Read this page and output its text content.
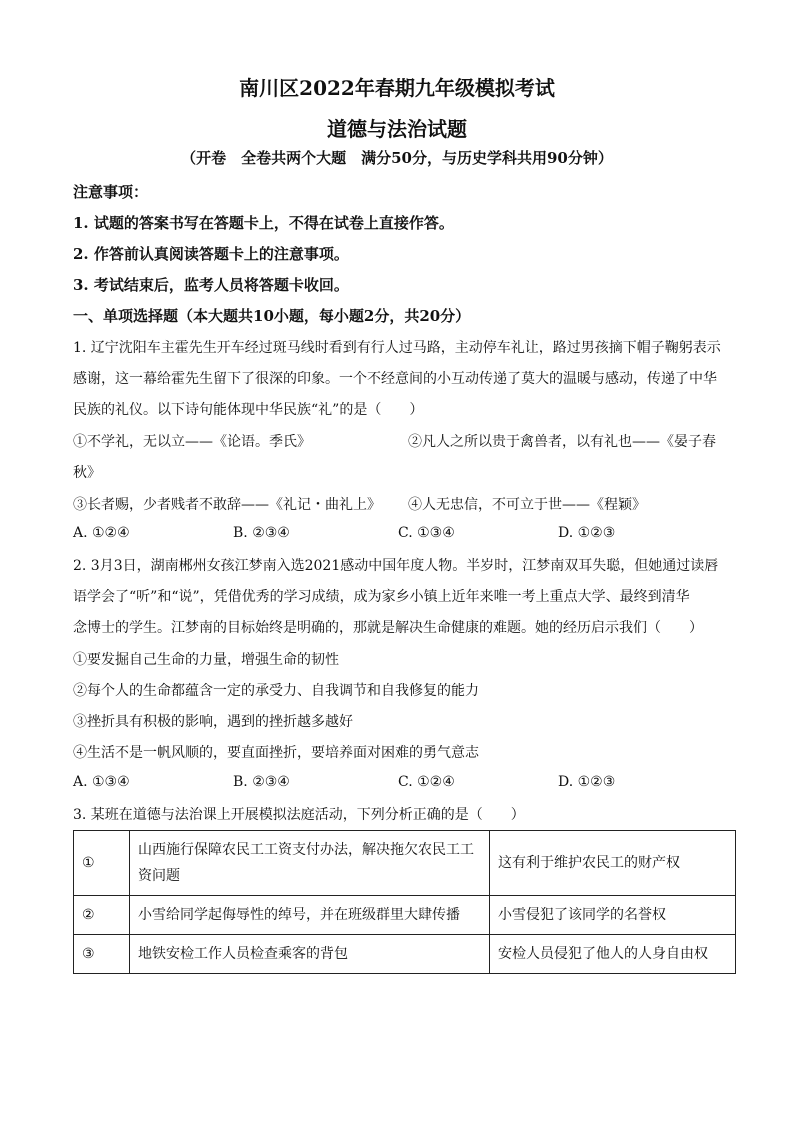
南川区2022年春期九年级模拟考试
道德与法治试题
（开卷　全卷共两个大题　满分50分，与历史学科共用90分钟）
注意事项：
1. 试题的答案书写在答题卡上，不得在试卷上直接作答。
2. 作答前认真阅读答题卡上的注意事项。
3. 考试结束后，监考人员将答题卡收回。
一、单项选择题（本大题共10小题，每小题2分，共20分）
1. 辽宁沈阳车主霍先生开车经过斑马线时看到有行人过马路，主动停车礼让，路过男孩摘下帽子鞠躬表示
感谢，这一幕给霍先生留下了很深的印象。一个不经意间的小互动传递了莫大的温暖与感动，传递了中华
民族的礼仪。以下诗句能体现中华民族“礼”的是（　　）
①不学礼，无以立——《论语。季氏》	②凡人之所以贵于禽兽者，以有礼也——《晏子春
秋》
③长者赐，少者贱者不敢辞——《礼记・曲礼上》 ④人无忠信，不可立于世——《程颖》
A. ①②④	B. ②③④	C. ①③④	D. ①②③
2. 3月3日，湖南郴州女孩江梦南入选2021感动中国年度人物。半岁时，江梦南双耳失聪，但她通过读唇
语学会了“听”和“说”，凭借优秀的学习成绩，成为家乡小镇上近年来唯一考上重点大学、最终到清华
念博士的学生。江梦南的目标始终是明确的，那就是解决生命健康的难题。她的经历启示我们（　　）
①要发掘自己生命的力量，增强生命的韧性
②每个人的生命都蕴含一定的承受力、自我调节和自我修复的能力
③挫折具有积极的影响，遇到的挫折越多越好
④生活不是一帆风顺的，要直面挫折，要培养面对困难的勇气意志
A. ①③④	B. ②③④	C. ①②④	D. ①②③
3. 某班在道德与法治课上开展模拟法庭活动，下列分析正确的是（　　）
①	山西施行保障农民工工资支付办法，解决拖欠农民工工资问题	这有利于维护农民工的财产权
②	小雪给同学起侮辱性的绰号，并在班级群里大肆传播	小雪侵犯了该同学的名誉权
③	地铁安检工作人员检查乘客的背包	安检人员侵犯了他人的人身自由权
